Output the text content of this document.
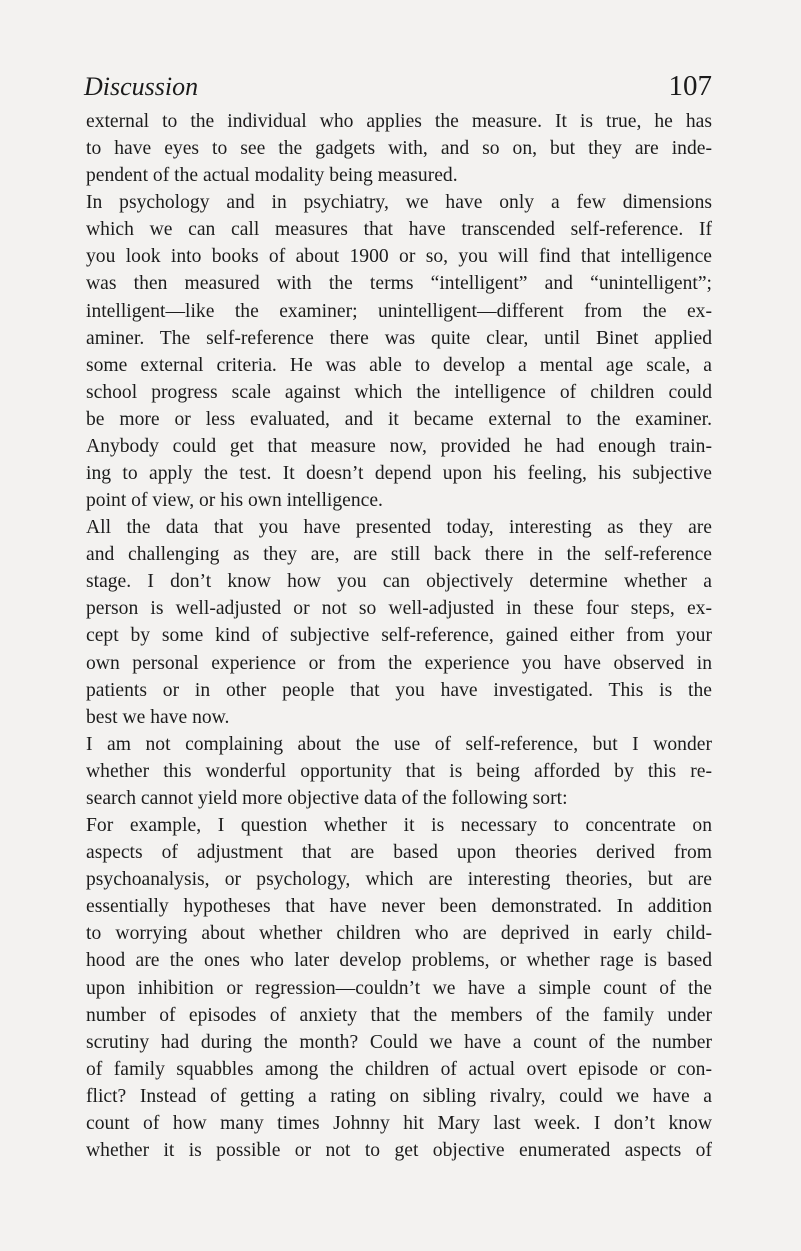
Discussion	107
external to the individual who applies the measure. It is true, he has
to have eyes to see the gadgets with, and so on, but they are inde-
pendent of the actual modality being measured.
In psychology and in psychiatry, we have only a few dimensions
which we can call measures that have transcended self-reference. If
you look into books of about 1900 or so, you will find that intelligence
was then measured with the terms “intelligent” and “unintelligent”;
intelligent—like the examiner; unintelligent—different from the ex-
aminer. The self-reference there was quite clear, until Binet applied
some external criteria. He was able to develop a mental age scale, a
school progress scale against which the intelligence of children could
be more or less evaluated, and it became external to the examiner.
Anybody could get that measure now, provided he had enough train-
ing to apply the test. It doesn’t depend upon his feeling, his subjective
point of view, or his own intelligence.
All the data that you have presented today, interesting as they are
and challenging as they are, are still back there in the self-reference
stage. I don’t know how you can objectively determine whether a
person is well-adjusted or not so well-adjusted in these four steps, ex-
cept by some kind of subjective self-reference, gained either from your
own personal experience or from the experience you have observed in
patients or in other people that you have investigated. This is the
best we have now.
I am not complaining about the use of self-reference, but I wonder
whether this wonderful opportunity that is being afforded by this re-
search cannot yield more objective data of the following sort:
For example, I question whether it is necessary to concentrate on
aspects of adjustment that are based upon theories derived from
psychoanalysis, or psychology, which are interesting theories, but are
essentially hypotheses that have never been demonstrated. In addition
to worrying about whether children who are deprived in early child-
hood are the ones who later develop problems, or whether rage is based
upon inhibition or regression—couldn’t we have a simple count of the
number of episodes of anxiety that the members of the family under
scrutiny had during the month? Could we have a count of the number
of family squabbles among the children of actual overt episode or con-
flict? Instead of getting a rating on sibling rivalry, could we have a
count of how many times Johnny hit Mary last week. I don’t know
whether it is possible or not to get objective enumerated aspects of
